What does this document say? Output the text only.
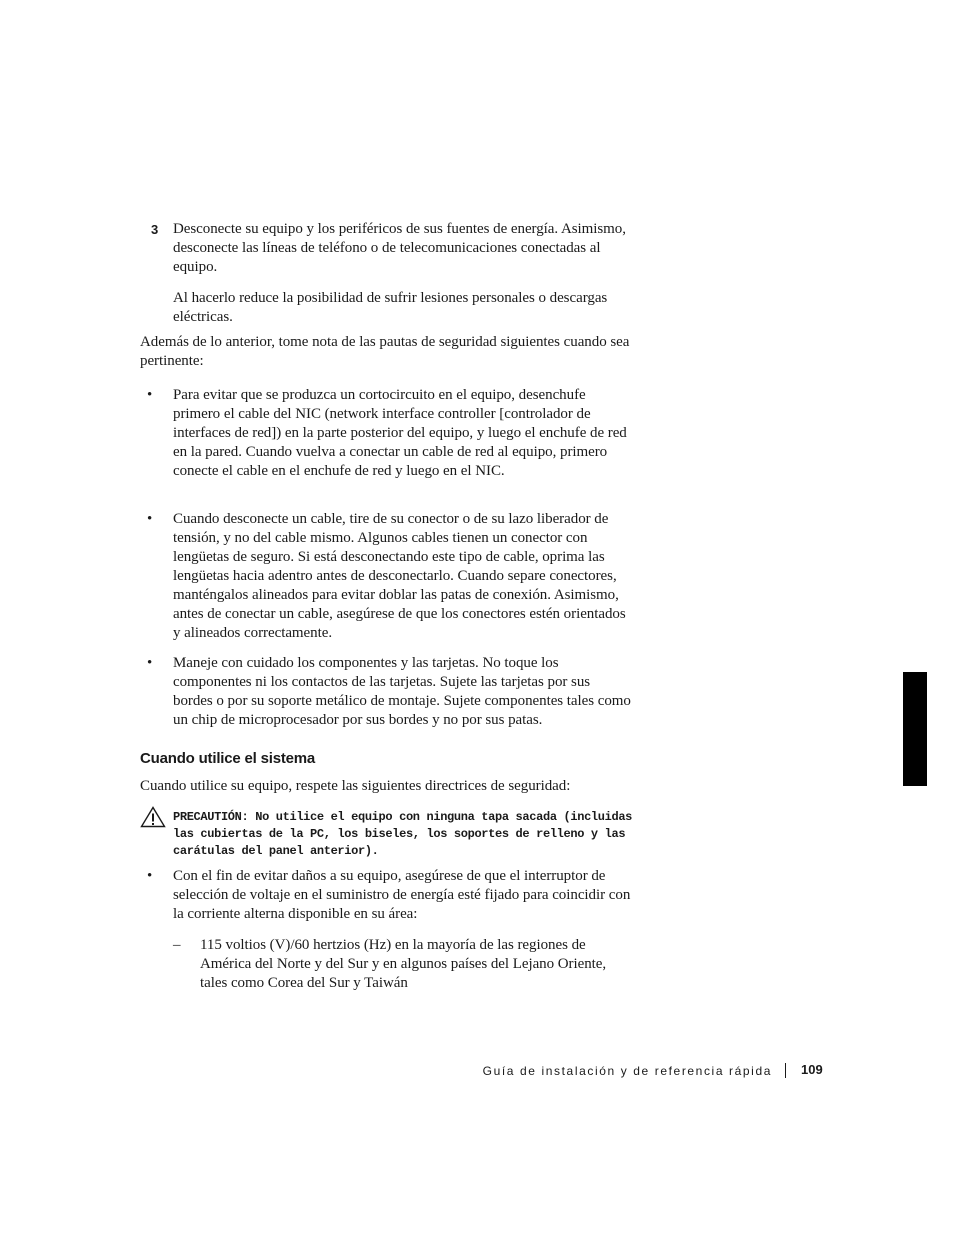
3 Desconecte su equipo y los periféricos de sus fuentes de energía. Asimismo, desconecte las líneas de teléfono o de telecomunicaciones conectadas al equipo.
Al hacerlo reduce la posibilidad de sufrir lesiones personales o descargas eléctricas.
Además de lo anterior, tome nota de las pautas de seguridad siguientes cuando sea pertinente:
• Para evitar que se produzca un cortocircuito en el equipo, desenchufe primero el cable del NIC (network interface controller [controlador de interfaces de red]) en la parte posterior del equipo, y luego el enchufe de red en la pared. Cuando vuelva a conectar un cable de red al equipo, primero conecte el cable en el enchufe de red y luego en el NIC.
• Cuando desconecte un cable, tire de su conector o de su lazo liberador de tensión, y no del cable mismo. Algunos cables tienen un conector con lengüetas de seguro. Si está desconectando este tipo de cable, oprima las lengüetas hacia adentro antes de desconectarlo. Cuando separe conectores, manténgalos alineados para evitar doblar las patas de conexión. Asimismo, antes de conectar un cable, asegúrese de que los conectores estén orientados y alineados correctamente.
• Maneje con cuidado los componentes y las tarjetas. No toque los componentes ni los contactos de las tarjetas. Sujete las tarjetas por sus bordes o por su soporte metálico de montaje. Sujete componentes tales como un chip de microprocesador por sus bordes y no por sus patas.
Cuando utilice el sistema
Cuando utilice su equipo, respete las siguientes directrices de seguridad:
PRECAUTIÓN: No utilice el equipo con ninguna tapa sacada (incluidas las cubiertas de la PC, los biseles, los soportes de relleno y las carátulas del panel anterior).
• Con el fin de evitar daños a su equipo, asegúrese de que el interruptor de selección de voltaje en el suministro de energía esté fijado para coincidir con la corriente alterna disponible en su área:
– 115 voltios (V)/60 hertzios (Hz) en la mayoría de las regiones de América del Norte y del Sur y en algunos países del Lejano Oriente, tales como Corea del Sur y Taiwán
Guía de instalación y de referencia rápida 109
